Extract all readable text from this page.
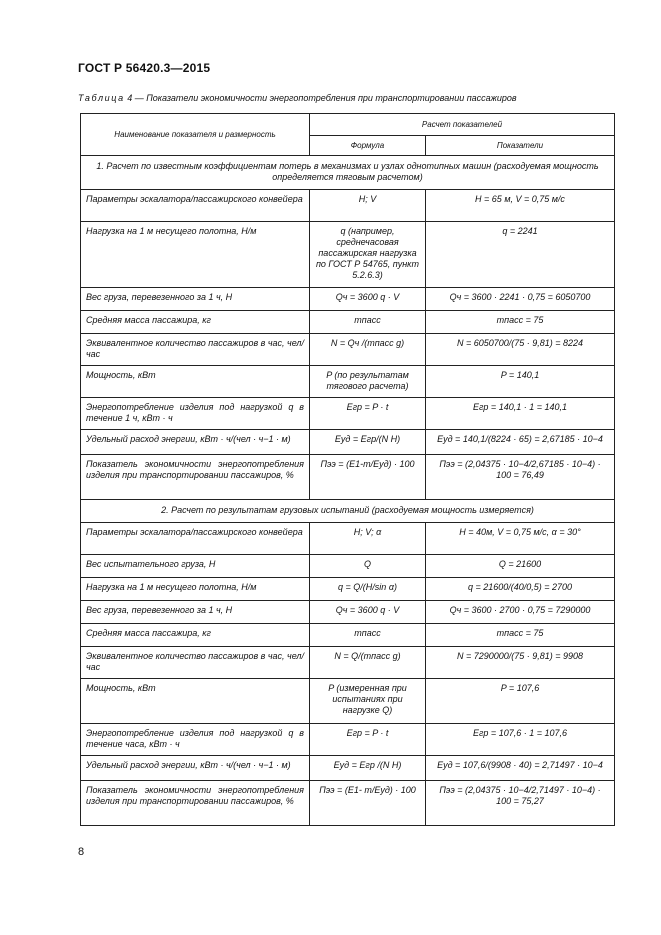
ГОСТ Р 56420.3—2015
Таблица 4 — Показатели экономичности энергопотребления при транспортировании пассажиров
Наименование показателя и размерность	Расчет показателей	
	Формула	Показатели
1. Расчет по известным коэффициентам потерь в механизмах и узлах однотипных машин (расходуемая мощность определяется тяговым расчетом)		
Параметры эскалатора/пассажирского конвейера	H; V	H = 65 м, V = 0,75 м/с
Нагрузка на 1 м несущего полотна, Н/м	q (например, среднечасовая пассажирская нагрузка по ГОСТ Р 54765, пункт 5.2.6.3)	q = 2241
Вес груза, перевезенного за 1 ч, Н	Qч = 3600 q · V	Qч = 3600 · 2241 · 0,75 = 6050700
Средняя масса пассажира, кг	mпасс	mпасс = 75
Эквивалентное количество пассажиров в час, чел/час	N = Qч /(mпасс g)	N = 6050700/(75 · 9,81) = 8224
Мощность, кВт	P (по результатам тягового расчета)	P = 140,1
Энергопотребление изделия под нагрузкой q в течение 1 ч, кВт · ч	Eгр = P · t	Eгр = 140,1 · 1 = 140,1
Удельный расход энергии, кВт · ч/(чел · ч−1 · м)	Eуд = Eгр/(N H)	Eуд = 140,1/(8224 · 65) = 2,67185 · 10−4
Показатель экономичности энергопотребления изделия при транспортировании пассажиров, %	Пээ = (E1-т/Eуд) · 100	Пээ = (2,04375 · 10−4/2,67185 · 10−4) · 100 = 76,49
2. Расчет по результатам грузовых испытаний (расходуемая мощность измеряется)		
Параметры эскалатора/пассажирского конвейера	H; V; α	H = 40м, V = 0,75 м/с, α = 30°
Вес испытательного груза, Н	Q	Q = 21600
Нагрузка на 1 м несущего полотна, Н/м	q = Q/(H/sin α)	q = 21600/(40/0,5) = 2700
Вес груза, перевезенного за 1 ч, Н	Qч = 3600 q · V	Qч = 3600 · 2700 · 0,75 = 7290000
Средняя масса пассажира, кг	mпасс	mпасс = 75
Эквивалентное количество пассажиров в час, чел/час	N = Q/(mпасс g)	N = 7290000/(75 · 9,81) = 9908
Мощность, кВт	P (измеренная при испытаниях при нагрузке Q)	P = 107,6
Энергопотребление изделия под нагрузкой q в течение часа, кВт · ч	Eгр = P · t	Eгр = 107,6 · 1 = 107,6
Удельный расход энергии, кВт · ч/(чел · ч−1 · м)	Eуд = Eгр /(N H)	Eуд = 107,6/(9908 · 40) = 2,71497 · 10−4
Показатель экономичности энергопотребления изделия при транспортировании пассажиров, %	Пээ = (E1- т/Eуд) · 100	Пээ = (2,04375 · 10−4/2,71497 · 10−4) · 100 = 75,27
8
